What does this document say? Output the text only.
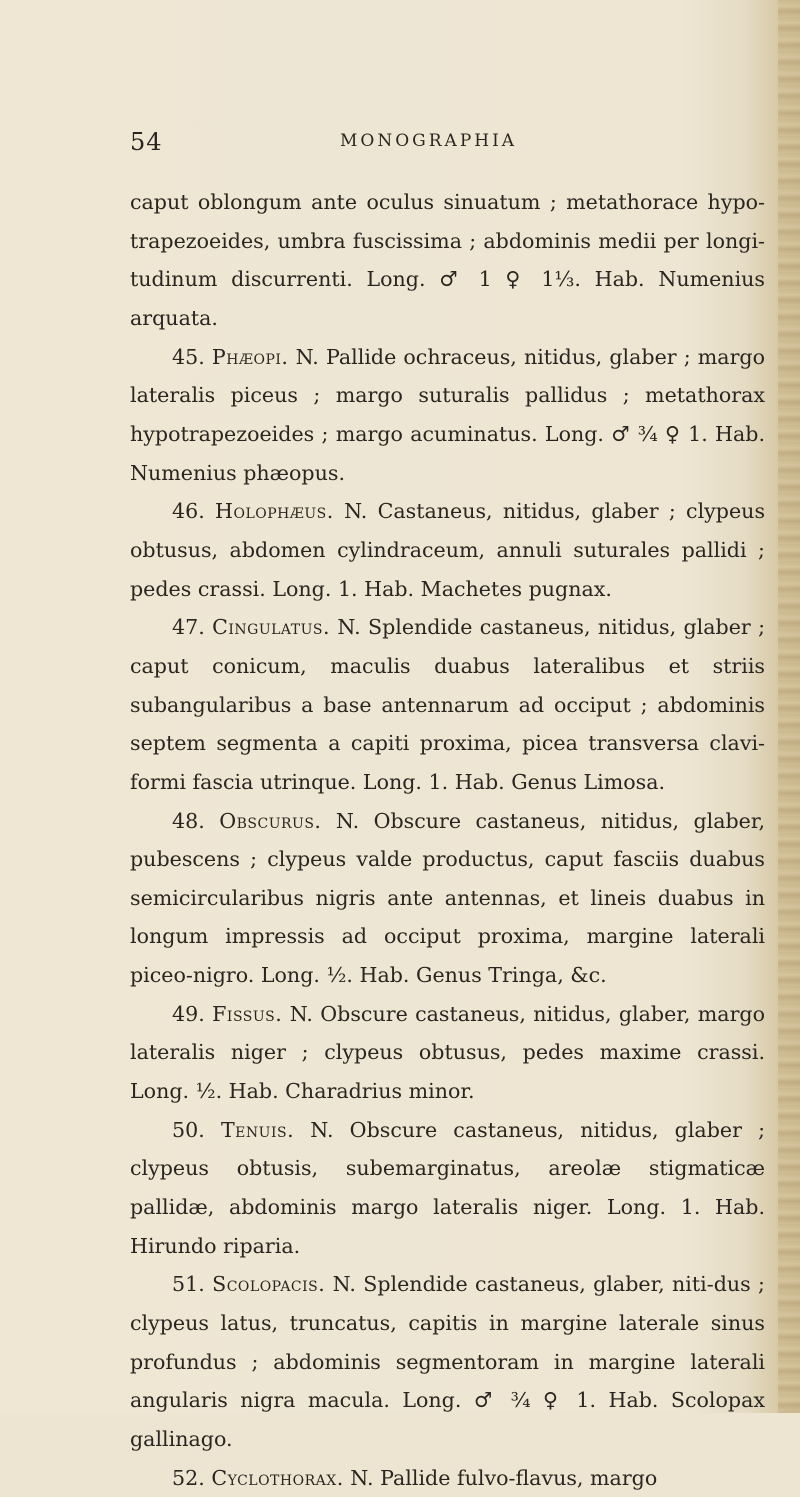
54	MONOGRAPHIA

caput oblongum ante oculus sinuatum ; metathorace hypo-trapezoeides, umbra fuscissima ; abdominis medii per longi-tudinum discurrenti. Long. ♂ 1 ♀ 1⅓. Hab. Numenius arquata.

45. Phæopi. N. Pallide ochraceus, nitidus, glaber ; margo lateralis piceus ; margo suturalis pallidus ; metathorax hypotrapezoeides ; margo acuminatus. Long. ♂ ¾ ♀ 1. Hab. Numenius phæopus.

46. Holophæus. N. Castaneus, nitidus, glaber ; clypeus obtusus, abdomen cylindraceum, annuli suturales pallidi ; pedes crassi. Long. 1. Hab. Machetes pugnax.

47. Cingulatus. N. Splendide castaneus, nitidus, glaber ; caput conicum, maculis duabus lateralibus et striis subangularibus a base antennarum ad occiput ; abdominis septem segmenta a capiti proxima, picea transversa clavi-formi fascia utrinque. Long. 1. Hab. Genus Limosa.

48. Obscurus. N. Obscure castaneus, nitidus, glaber, pubescens ; clypeus valde productus, caput fasciis duabus semicircularibus nigris ante antennas, et lineis duabus in longum impressis ad occiput proxima, margine laterali piceo-nigro. Long. ½. Hab. Genus Tringa, &c.

49. Fissus. N. Obscure castaneus, nitidus, glaber, margo lateralis niger ; clypeus obtusus, pedes maxime crassi. Long. ½. Hab. Charadrius minor.

50. Tenuis. N. Obscure castaneus, nitidus, glaber ; clypeus obtusis, subemarginatus, areolæ stigmaticæ pallidæ, abdominis margo lateralis niger. Long. 1. Hab. Hirundo riparia.

51. Scolopacis. N. Splendide castaneus, glaber, niti-dus ; clypeus latus, truncatus, capitis in margine laterale sinus profundus ; abdominis segmentoram in margine laterali angularis nigra macula. Long. ♂ ¾ ♀ 1. Hab. Scolopax gallinago.

52. Cyclothorax. N. Pallide fulvo-flavus, margo
